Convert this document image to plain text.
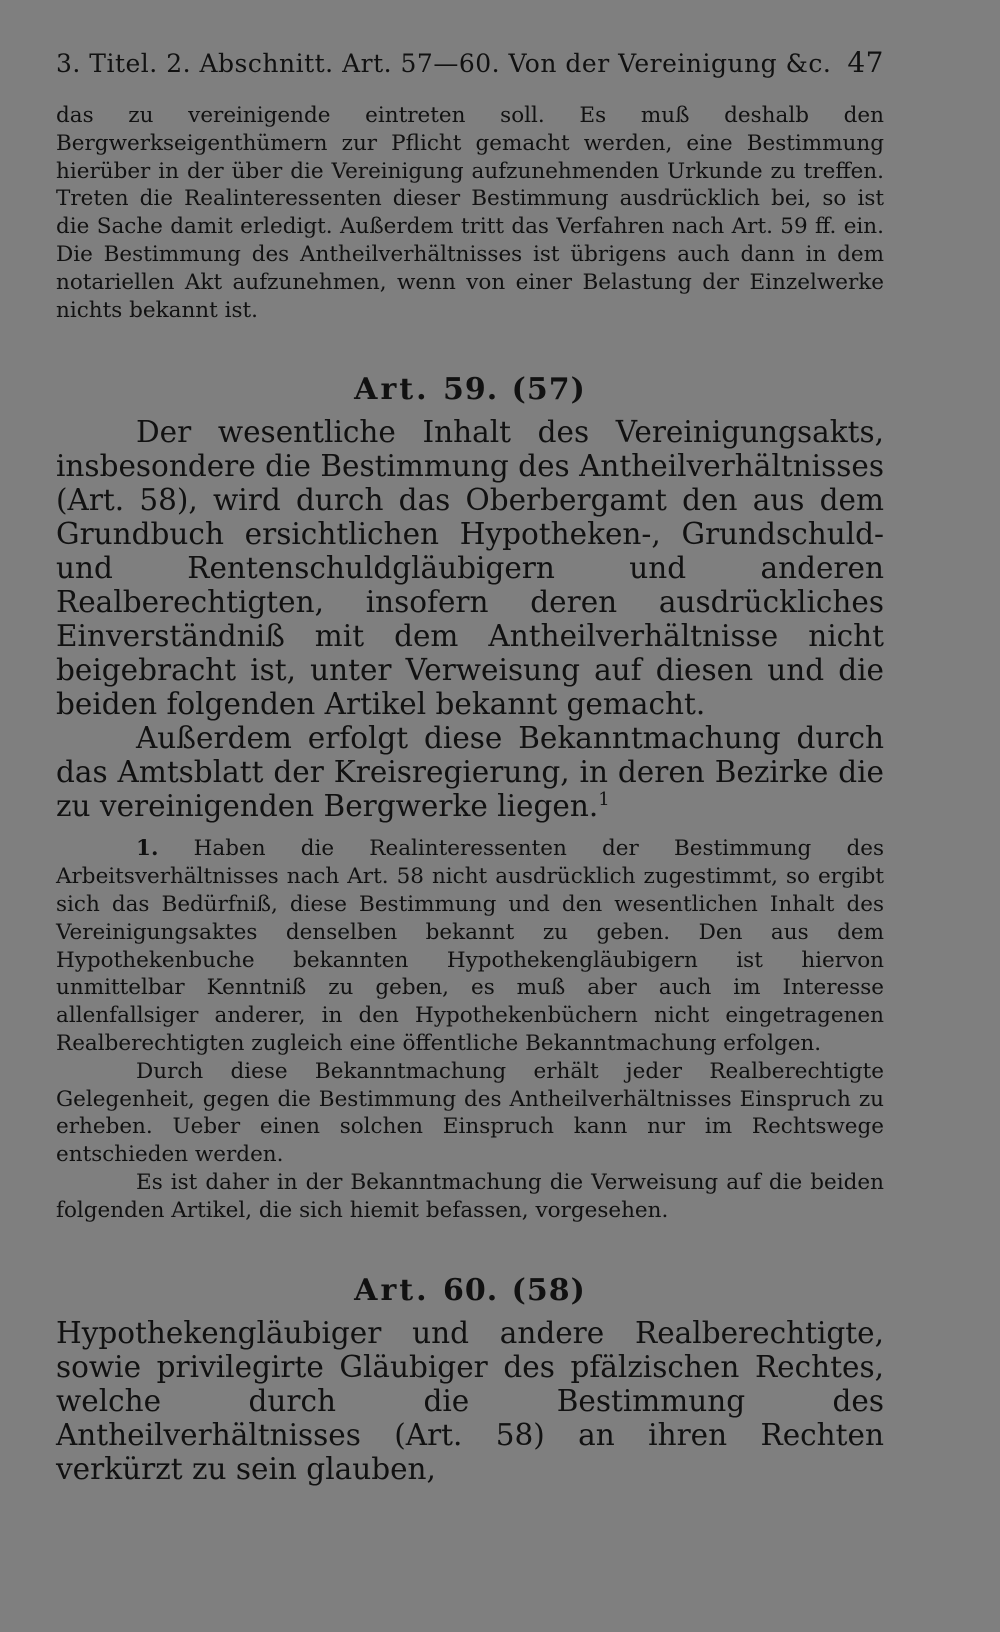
3. Titel. 2. Abschnitt. Art. 57—60. Von der Vereinigung &c. 47

das zu vereinigende eintreten soll. Es muß deshalb den Bergwerkseigenthümern zur Pflicht gemacht werden, eine Bestimmung hierüber in der über die Vereinigung aufzunehmenden Urkunde zu treffen. Treten die Realinteressenten dieser Bestimmung ausdrücklich bei, so ist die Sache damit erledigt. Außerdem tritt das Verfahren nach Art. 59 ff. ein. Die Bestimmung des Antheilverhältnisses ist übrigens auch dann in dem notariellen Akt aufzunehmen, wenn von einer Belastung der Einzelwerke nichts bekannt ist.

Art. 59. (57)

Der wesentliche Inhalt des Vereinigungsakts, insbesondere die Bestimmung des Antheilverhältnisses (Art. 58), wird durch das Oberbergamt den aus dem Grundbuch ersichtlichen Hypotheken-, Grundschuld- und Rentenschuldgläubigern und anderen Realberechtigten, insofern deren ausdrückliches Einverständniß mit dem Antheilverhältnisse nicht beigebracht ist, unter Verweisung auf diesen und die beiden folgenden Artikel bekannt gemacht.

Außerdem erfolgt diese Bekanntmachung durch das Amtsblatt der Kreisregierung, in deren Bezirke die zu vereinigenden Bergwerke liegen.$^1$

1. Haben die Realinteressenten der Bestimmung des Arbeitsverhältnisses nach Art. 58 nicht ausdrücklich zugestimmt, so ergibt sich das Bedürfniß, diese Bestimmung und den wesentlichen Inhalt des Vereinigungsaktes denselben bekannt zu geben. Den aus dem Hypothekenbuche bekannten Hypothekengläubigern ist hiervon unmittelbar Kenntniß zu geben, es muß aber auch im Interesse allenfallsiger anderer, in den Hypothekenbüchern nicht eingetragenen Realberechtigten zugleich eine öffentliche Bekanntmachung erfolgen.

Durch diese Bekanntmachung erhält jeder Realberechtigte Gelegenheit, gegen die Bestimmung des Antheilverhältnisses Einspruch zu erheben. Ueber einen solchen Einspruch kann nur im Rechtswege entschieden werden.

Es ist daher in der Bekanntmachung die Verweisung auf die beiden folgenden Artikel, die sich hiemit befassen, vorgesehen.

Art. 60. (58)

Hypothekengläubiger und andere Realberechtigte, sowie privilegirte Gläubiger des pfälzischen Rechtes, welche durch die Bestimmung des Antheilverhältnisses (Art. 58) an ihren Rechten verkürzt zu sein glauben,
